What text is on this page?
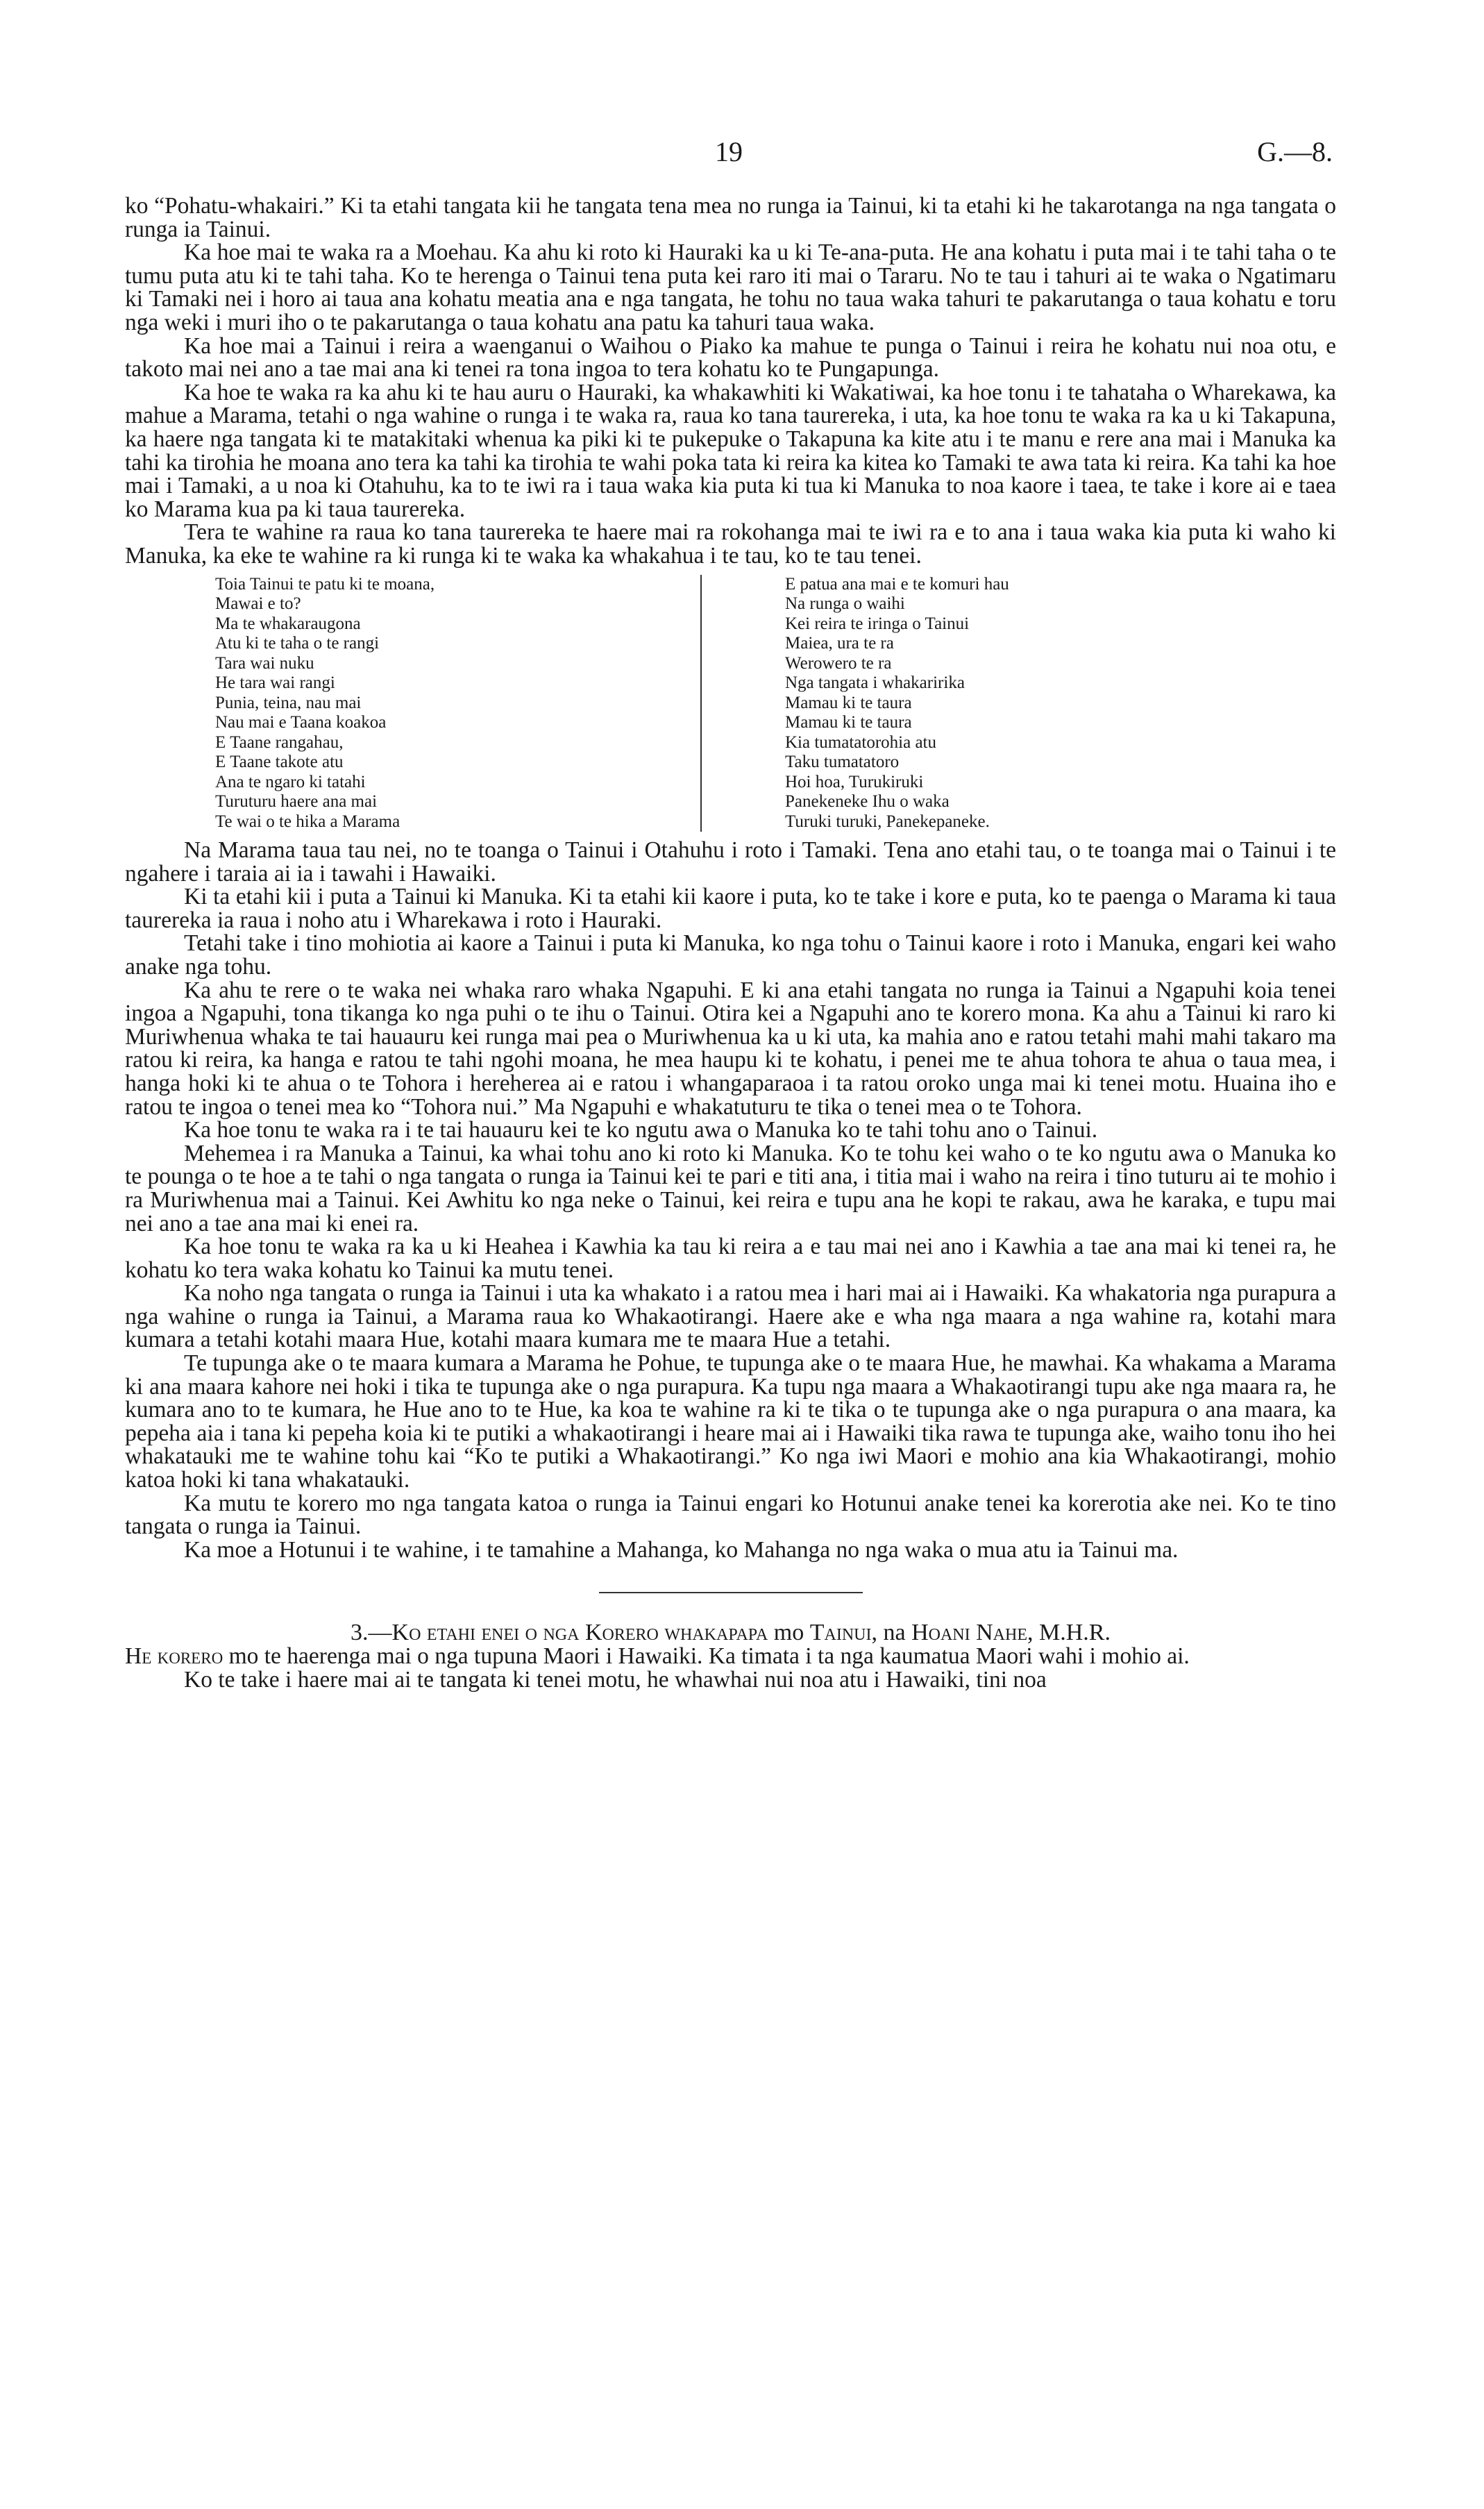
19	G.—8.

ko “Pohatu-whakairi.” Ki ta etahi tangata kii he tangata tena mea no runga ia Tainui, ki ta etahi ki he takarotanga na nga tangata o runga ia Tainui.

Ka hoe mai te waka ra a Moehau. Ka ahu ki roto ki Hauraki ka u ki Te-ana-puta. He ana kohatu i puta mai i te tahi taha o te tumu puta atu ki te tahi taha. Ko te herenga o Tainui tena puta kei raro iti mai o Tararu. No te tau i tahuri ai te waka o Ngatimaru ki Tamaki nei i horo ai taua ana kohatu meatia ana e nga tangata, he tohu no taua waka tahuri te pakarutanga o taua kohatu e toru nga weki i muri iho o te pakarutanga o taua kohatu ana patu ka tahuri taua waka.

Ka hoe mai a Tainui i reira a waenganui o Waihou o Piako ka mahue te punga o Tainui i reira he kohatu nui noa otu, e takoto mai nei ano a tae mai ana ki tenei ra tona ingoa to tera kohatu ko te Pungapunga.

Ka hoe te waka ra ka ahu ki te hau auru o Hauraki, ka whakawhiti ki Wakatiwai, ka hoe tonu i te tahataha o Wharekawa, ka mahue a Marama, tetahi o nga wahine o runga i te waka ra, raua ko tana taurereka, i uta, ka hoe tonu te waka ra ka u ki Takapuna, ka haere nga tangata ki te matakitaki whenua ka piki ki te pukepuke o Takapuna ka kite atu i te manu e rere ana mai i Manuka ka tahi ka tirohia he moana ano tera ka tahi ka tirohia te wahi poka tata ki reira ka kitea ko Tamaki te awa tata ki reira. Ka tahi ka hoe mai i Tamaki, a u noa ki Otahuhu, ka to te iwi ra i taua waka kia puta ki tua ki Manuka to noa kaore i taea, te take i kore ai e taea ko Marama kua pa ki taua taurereka.

Tera te wahine ra raua ko tana taurereka te haere mai ra rokohanga mai te iwi ra e to ana i taua waka kia puta ki waho ki Manuka, ka eke te wahine ra ki runga ki te waka ka whakahua i te tau, ko te tau tenei.

Toia Tainui te patu ki te moana,
Mawai e to?
Ma te whakaraugona
Atu ki te taha o te rangi
Tara wai nuku
He tara wai rangi
Punia, teina, nau mai
Nau mai e Taana koakoa
E Taane rangahau,
E Taane takote atu
Ana te ngaro ki tatahi
Turuturu haere ana mai
Te wai o te hika a Marama
E patua ana mai e te komuri hau
Na runga o waihi
Kei reira te iringa o Tainui
Maiea, ura te ra
Werowero te ra
Nga tangata i whakaririka
Mamau ki te taura
Mamau ki te taura
Kia tumatatorohia atu
Taku tumatatoro
Hoi hoa, Turukiruki
Panekeneke Ihu o waka
Turuki turuki, Panekepaneke.

Na Marama taua tau nei, no te toanga o Tainui i Otahuhu i roto i Tamaki. Tena ano etahi tau, o te toanga mai o Tainui i te ngahere i taraia ai ia i tawahi i Hawaiki.

Ki ta etahi kii i puta a Tainui ki Manuka. Ki ta etahi kii kaore i puta, ko te take i kore e puta, ko te paenga o Marama ki taua taurereka ia raua i noho atu i Wharekawa i roto i Hauraki.

Tetahi take i tino mohiotia ai kaore a Tainui i puta ki Manuka, ko nga tohu o Tainui kaore i roto i Manuka, engari kei waho anake nga tohu.

Ka ahu te rere o te waka nei whaka raro whaka Ngapuhi. E ki ana etahi tangata no runga ia Tainui a Ngapuhi koia tenei ingoa a Ngapuhi, tona tikanga ko nga puhi o te ihu o Tainui. Otira kei a Ngapuhi ano te korero mona. Ka ahu a Tainui ki raro ki Muriwhenua whaka te tai hauauru kei runga mai pea o Muriwhenua ka u ki uta, ka mahia ano e ratou tetahi mahi mahi takaro ma ratou ki reira, ka hanga e ratou te tahi ngohi moana, he mea haupu ki te kohatu, i penei me te ahua tohora te ahua o taua mea, i hanga hoki ki te ahua o te Tohora i hereherea ai e ratou i whangaparaoa i ta ratou oroko unga mai ki tenei motu. Huaina iho e ratou te ingoa o tenei mea ko “Tohora nui.” Ma Ngapuhi e whakatuturu te tika o tenei mea o te Tohora.

Ka hoe tonu te waka ra i te tai hauauru kei te ko ngutu awa o Manuka ko te tahi tohu ano o Tainui.

Mehemea i ra Manuka a Tainui, ka whai tohu ano ki roto ki Manuka. Ko te tohu kei waho o te ko ngutu awa o Manuka ko te pounga o te hoe a te tahi o nga tangata o runga ia Tainui kei te pari e titi ana, i titia mai i waho na reira i tino tuturu ai te mohio i ra Muriwhenua mai a Tainui. Kei Awhitu ko nga neke o Tainui, kei reira e tupu ana he kopi te rakau, awa he karaka, e tupu mai nei ano a tae ana mai ki enei ra.

Ka hoe tonu te waka ra ka u ki Heahea i Kawhia ka tau ki reira a e tau mai nei ano i Kawhia a tae ana mai ki tenei ra, he kohatu ko tera waka kohatu ko Tainui ka mutu tenei.

Ka noho nga tangata o runga ia Tainui i uta ka whakato i a ratou mea i hari mai ai i Hawaiki. Ka whakatoria nga purapura a nga wahine o runga ia Tainui, a Marama raua ko Whakaotirangi. Haere ake e wha nga maara a nga wahine ra, kotahi mara kumara a tetahi kotahi maara Hue, kotahi maara kumara me te maara Hue a tetahi.

Te tupunga ake o te maara kumara a Marama he Pohue, te tupunga ake o te maara Hue, he mawhai. Ka whakama a Marama ki ana maara kahore nei hoki i tika te tupunga ake o nga purapura. Ka tupu nga maara a Whakaotirangi tupu ake nga maara ra, he kumara ano to te kumara, he Hue ano to te Hue, ka koa te wahine ra ki te tika o te tupunga ake o nga purapura o ana maara, ka pepeha aia i tana ki pepeha koia ki te putiki a whakaotirangi i heare mai ai i Hawaiki tika rawa te tupunga ake, waiho tonu iho hei whakatauki me te wahine tohu kai “Ko te putiki a Whakaotirangi.” Ko nga iwi Maori e mohio ana kia Whakaotirangi, mohio katoa hoki ki tana whakatauki.

Ka mutu te korero mo nga tangata katoa o runga ia Tainui engari ko Hotunui anake tenei ka korerotia ake nei. Ko te tino tangata o runga ia Tainui.

Ka moe a Hotunui i te wahine, i te tamahine a Mahanga, ko Mahanga no nga waka o mua atu ia Tainui ma.

3.—Ko etahi enei o nga Korero whakapapa mo Tainui, na Hoani Nahe, M.H.R.

He korero mo te haerenga mai o nga tupuna Maori i Hawaiki. Ka timata i ta nga kaumatua Maori wahi i mohio ai.

Ko te take i haere mai ai te tangata ki tenei motu, he whawhai nui noa atu i Hawaiki, tini noa
